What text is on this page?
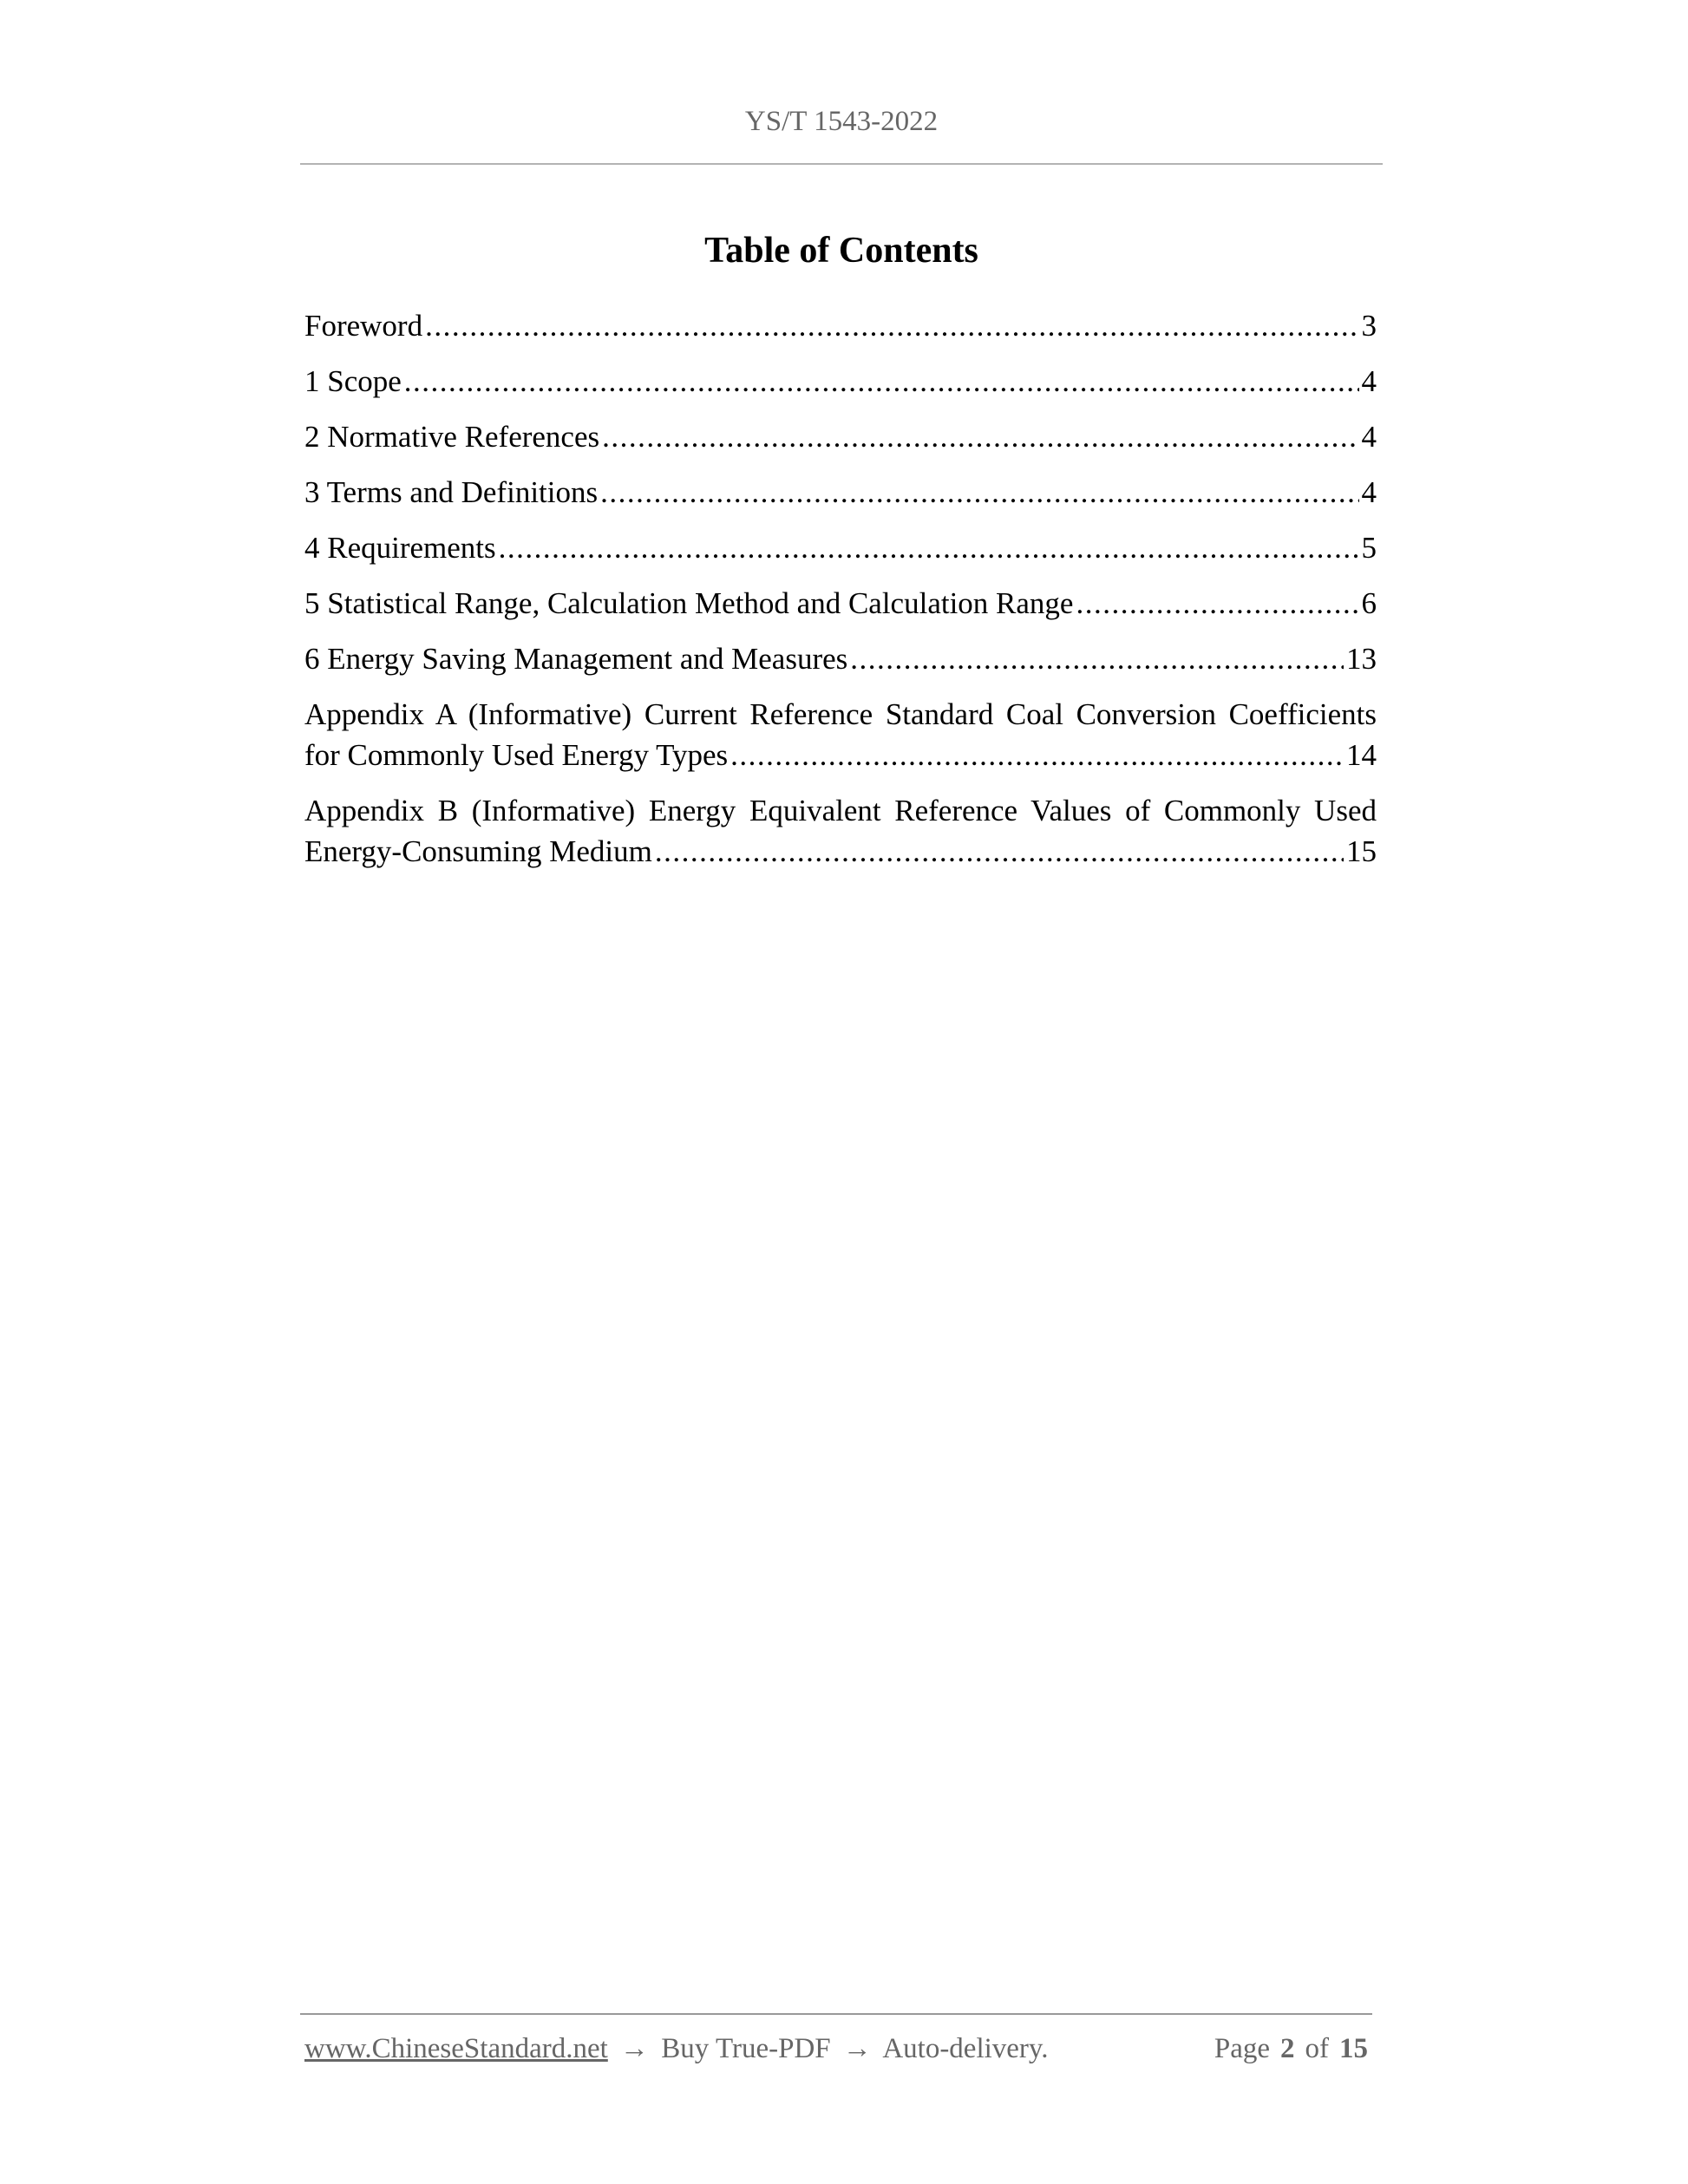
YS/T 1543-2022
Table of Contents
Foreword .....	3
1 Scope .....	4
2 Normative References .....	4
3 Terms and Definitions .....	4
4 Requirements .....	5
5 Statistical Range, Calculation Method and Calculation Range .....	6
6 Energy Saving Management and Measures .....	13
Appendix A (Informative) Current Reference Standard Coal Conversion Coefficients
for Commonly Used Energy Types .....	14
Appendix B (Informative) Energy Equivalent Reference Values of Commonly Used
Energy-Consuming Medium .....	15
www.ChineseStandard.net → Buy True-PDF → Auto-delivery.	Page 2 of 15
